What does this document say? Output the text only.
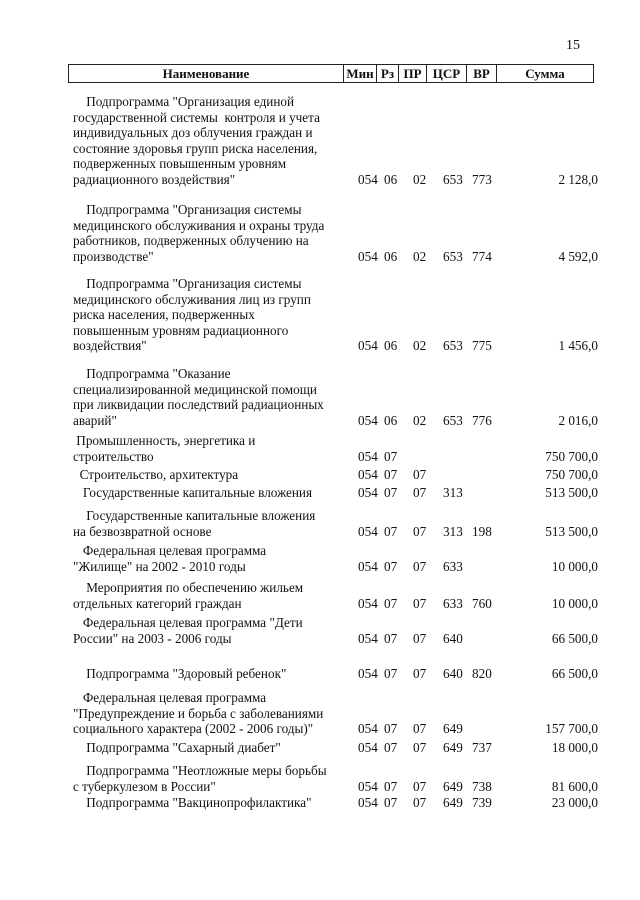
15
Наименование	Мин Рз ПР ЦСР ВР	Сумма
Подпрограмма "Организация единой
государственной системы  контроля и учета
индивидуальных доз облучения граждан и
состояние здоровья групп риска населения,
подверженных повышенным уровням
радиационного воздействия"	054 06 02 653 773	2 128,0
Подпрограмма "Организация системы
медицинского обслуживания и охраны труда
работников, подверженных облучению на
производстве"	054 06 02 653 774	4 592,0
Подпрограмма "Организация системы
медицинского обслуживания лиц из групп
риска населения, подверженных
повышенным уровням радиационного
воздействия"	054 06 02 653 775	1 456,0
Подпрограмма "Оказание
специализированной медицинской помощи
при ликвидации последствий радиационных
аварий"	054 06 02 653 776	2 016,0
Промышленность, энергетика и
строительство	054 07	750 700,0
Строительство, архитектура	054 07 07	750 700,0
Государственные капитальные вложения	054 07 07 313	513 500,0
Государственные капитальные вложения
на безвозвратной основе	054 07 07 313 198	513 500,0
Федеральная целевая программа
"Жилище" на 2002 - 2010 годы	054 07 07 633	10 000,0
Мероприятия по обеспечению жильем
отдельных категорий граждан	054 07 07 633 760	10 000,0
Федеральная целевая программа "Дети
России" на 2003 - 2006 годы	054 07 07 640	66 500,0
Подпрограмма "Здоровый ребенок"	054 07 07 640 820	66 500,0
Федеральная целевая программа
"Предупреждение и борьба с заболеваниями
социального характера (2002 - 2006 годы)"	054 07 07 649	157 700,0
Подпрограмма "Сахарный диабет"	054 07 07 649 737	18 000,0
Подпрограмма "Неотложные меры борьбы
с туберкулезом в России"	054 07 07 649 738	81 600,0
Подпрограмма "Вакцинопрофилактика"	054 07 07 649 739	23 000,0
